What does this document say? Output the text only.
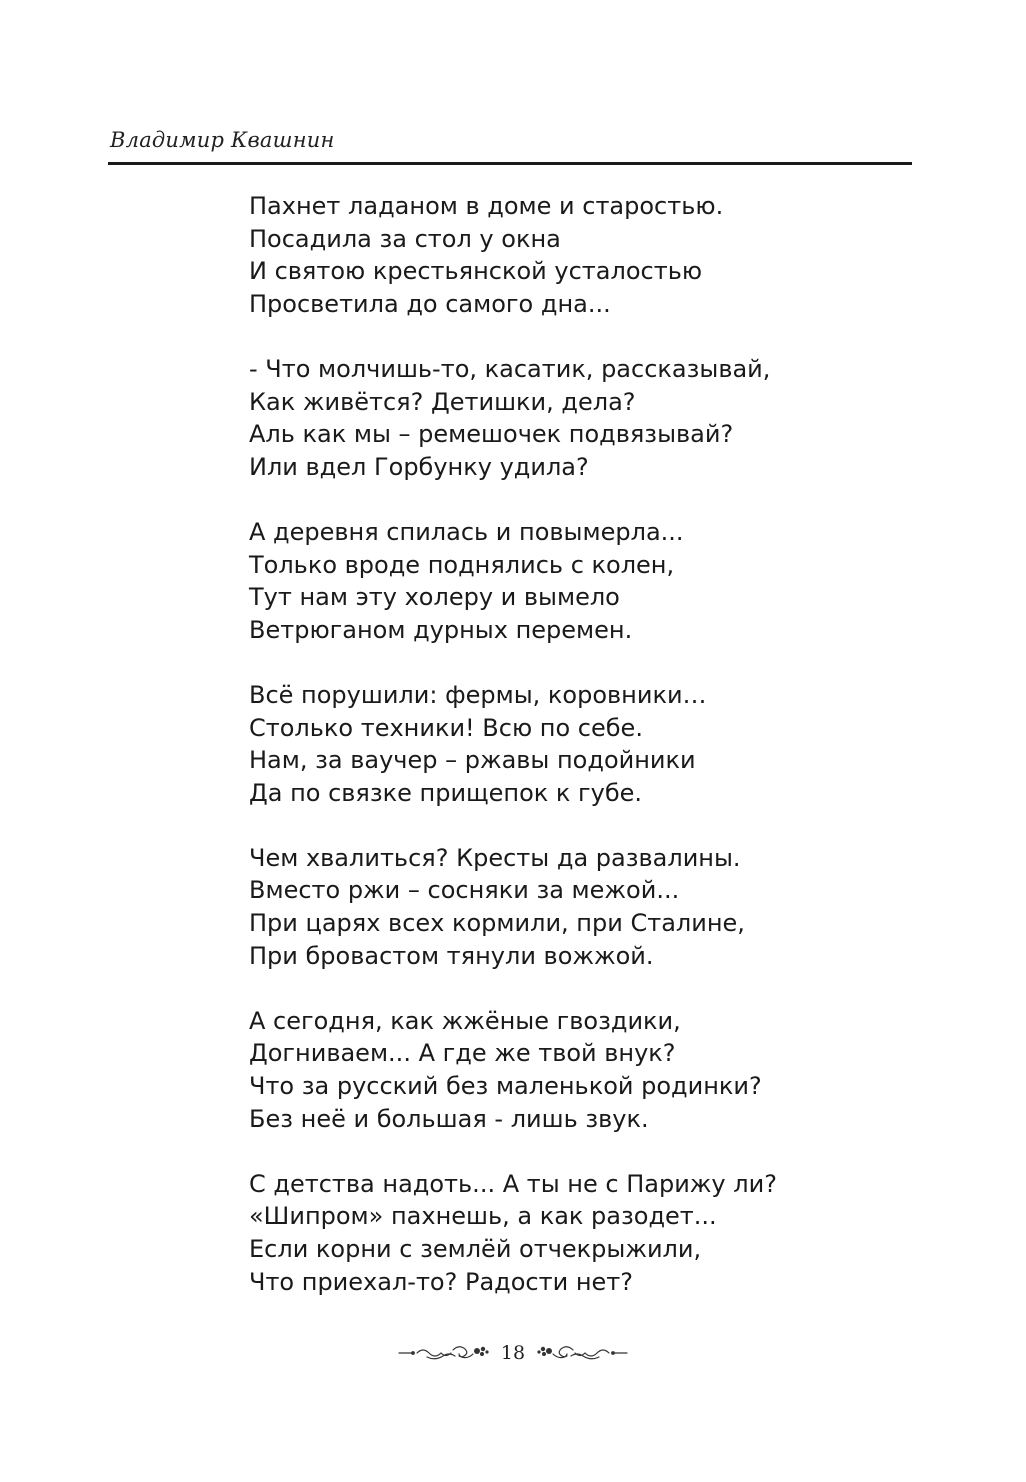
Владимир Квашнин
Пахнет ладаном в доме и старостью.
Посадила за стол у окна
И святою крестьянской усталостью
Просветила до самого дна...
- Что молчишь-то, касатик, рассказывай,
Как живётся? Детишки, дела?
Аль как мы – ремешочек подвязывай?
Или вдел Горбунку удила?
А деревня спилась и повымерла...
Только вроде поднялись с колен,
Тут нам эту холеру и вымело
Ветрюганом дурных перемен.
Всё порушили: фермы, коровники…
Столько техники! Всю по себе.
Нам, за ваучер – ржавы подойники
Да по связке прищепок к губе.
Чем хвалиться? Кресты да развалины.
Вместо ржи – сосняки за межой...
При царях всех кормили, при Сталине,
При бровастом тянули вожжой.
А сегодня, как жжёные гвоздики,
Догниваем... А где же твой внук?
Что за русский без маленькой родинки?
Без неё и большая - лишь звук.
С детства надоть... А ты не с Парижу ли?
«Шипром» пахнешь, а как разодет...
Если корни с землёй отчекрыжили,
Что приехал-то? Радости нет?
18
